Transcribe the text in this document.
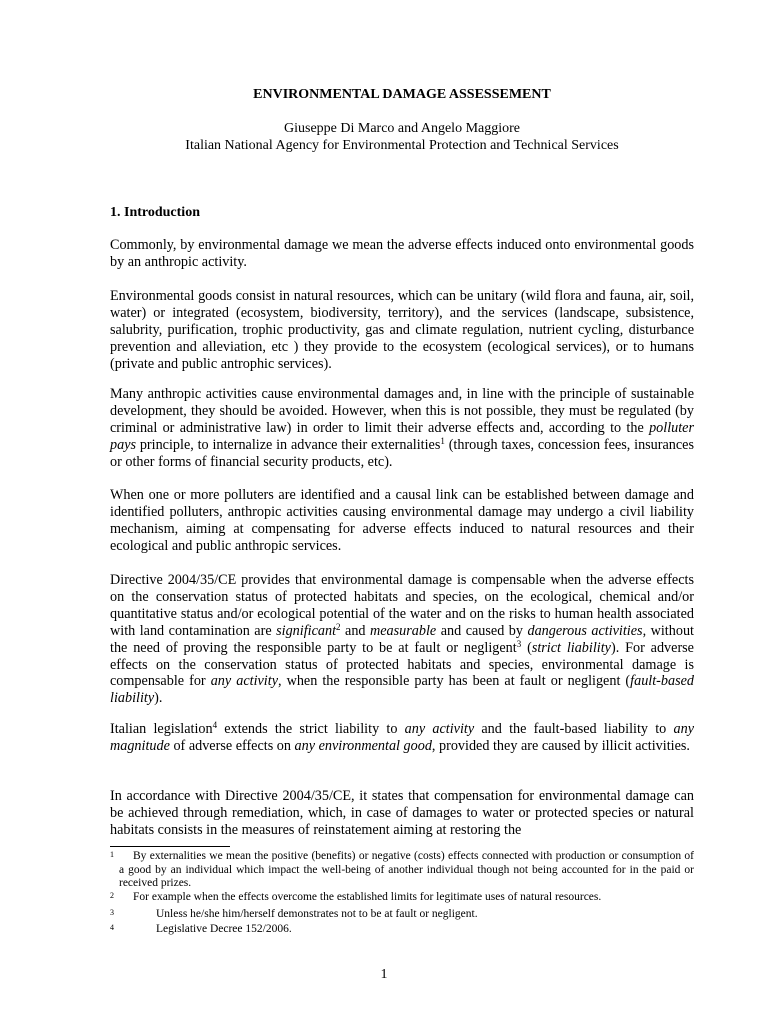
ENVIRONMENTAL DAMAGE ASSESSEMENT
Giuseppe Di Marco and Angelo Maggiore
Italian National Agency for Environmental Protection and Technical Services
1. Introduction

Commonly, by environmental damage we mean the adverse effects induced onto environmental goods by an anthropic activity.

Environmental goods consist in natural resources, which can be unitary (wild flora and fauna, air, soil, water) or integrated (ecosystem, biodiversity, territory), and the services (landscape, subsistence, salubrity, purification, trophic productivity, gas and climate regulation, nutrient cycling, disturbance prevention and alleviation, etc ) they provide to the ecosystem (ecological services), or to humans (private and public antrophic services).

Many anthropic activities cause environmental damages and, in line with the principle of sustainable development, they should be avoided. However, when this is not possible, they must be regulated (by criminal or administrative law) in order to limit their adverse effects and, according to the polluter pays principle, to internalize in advance their externalities$^1$ (through taxes, concession fees, insurances or other forms of financial security products, etc).

When one or more polluters are identified and a causal link can be established between damage and identified polluters, anthropic activities causing environmental damage may undergo a civil liability mechanism, aiming at compensating for adverse effects induced to natural resources and their ecological and public anthropic services.

Directive 2004/35/CE provides that environmental damage is compensable when the adverse effects on the conservation status of protected habitats and species, on the ecological, chemical and/or quantitative status and/or ecological potential of the water and on the risks to human health associated with land contamination are significant$^2$ and measurable and caused by dangerous activities, without the need of proving the responsible party to be at fault or negligent$^3$ (strict liability). For adverse effects on the conservation status of protected habitats and species, environmental damage is compensable for any activity, when the responsible party has been at fault or negligent (fault-based liability).

Italian legislation$^4$ extends the strict liability to any activity and the fault-based liability to any magnitude of adverse effects on any environmental good, provided they are caused by illicit activities.

In accordance with Directive 2004/35/CE, it states that compensation for environmental damage can be achieved through remediation, which, in case of damages to water or protected species or natural habitats consists in the measures of reinstatement aiming at restoring the

1	By externalities we mean the positive (benefits) or negative (costs) effects connected with production or consumption of a good by an individual which impact the well-being of another individual though not being accounted for in the paid or received prizes.
2	For example when the effects overcome the established limits for legitimate uses of natural resources.
3	Unless he/she him/herself demonstrates not to be at fault or negligent.
4	Legislative Decree 152/2006.
1
